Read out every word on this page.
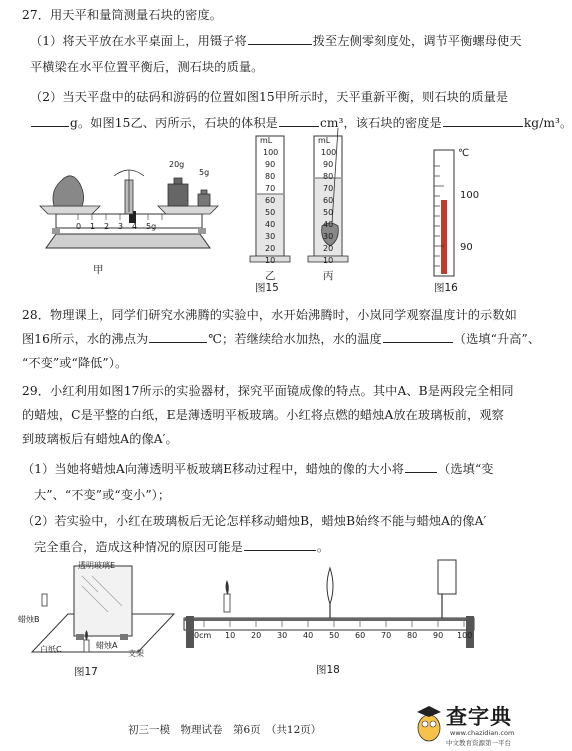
27．用天平和量筒测量石块的密度。
（1）将天平放在水平桌面上，用镊子将	拨至左侧零刻度处，调节平衡螺母使天
平横梁在水平位置平衡后，测石块的质量。
（2）当天平盘中的砝码和游码的位置如图15甲所示时，天平重新平衡，则石块的质量是
g。如图15乙、丙所示，石块的体积是	cm³，该石块的密度是	kg/m³。
20g
5g
0 1 2 3 4 5g
甲
mL
100
90
80
70
60
50
40
30
20
10
乙
mL
100
90
80
70
60
50
40
30
20
10
丙
图15
℃
100
90
图16
28．物理课上，同学们研究水沸腾的实验中，水开始沸腾时，小岚同学观察温度计的示数如
图16所示，水的沸点为	℃；若继续给水加热，水的温度	（选填“升高”、
“不变”或“降低”）。
29．小红利用如图17所示的实验器材，探究平面镜成像的特点。其中A、B是两段完全相同
的蜡烛，C是平整的白纸，E是薄透明平板玻璃。小红将点燃的蜡烛A放在玻璃板前，观察
到玻璃板后有蜡烛A的像A′。
（1）当她将蜡烛A向薄透明平板玻璃E移动过程中，蜡烛的像的大小将	（选填“变
大”、“不变”或“变小”）；
（2）若实验中，小红在玻璃板后无论怎样移动蜡烛B，蜡烛B始终不能与蜡烛A的像A′
完全重合，造成这种情况的原因可能是	。
透明玻璃E
蜡烛B
白纸C	蜡烛A
支架
图17
0cm 10 20 30 40 50 60 70 80 90 100
图18
初三一模　物理试卷　第6页　（共12页）
查字典
www.chazidian.com
中文教育资源第一平台
